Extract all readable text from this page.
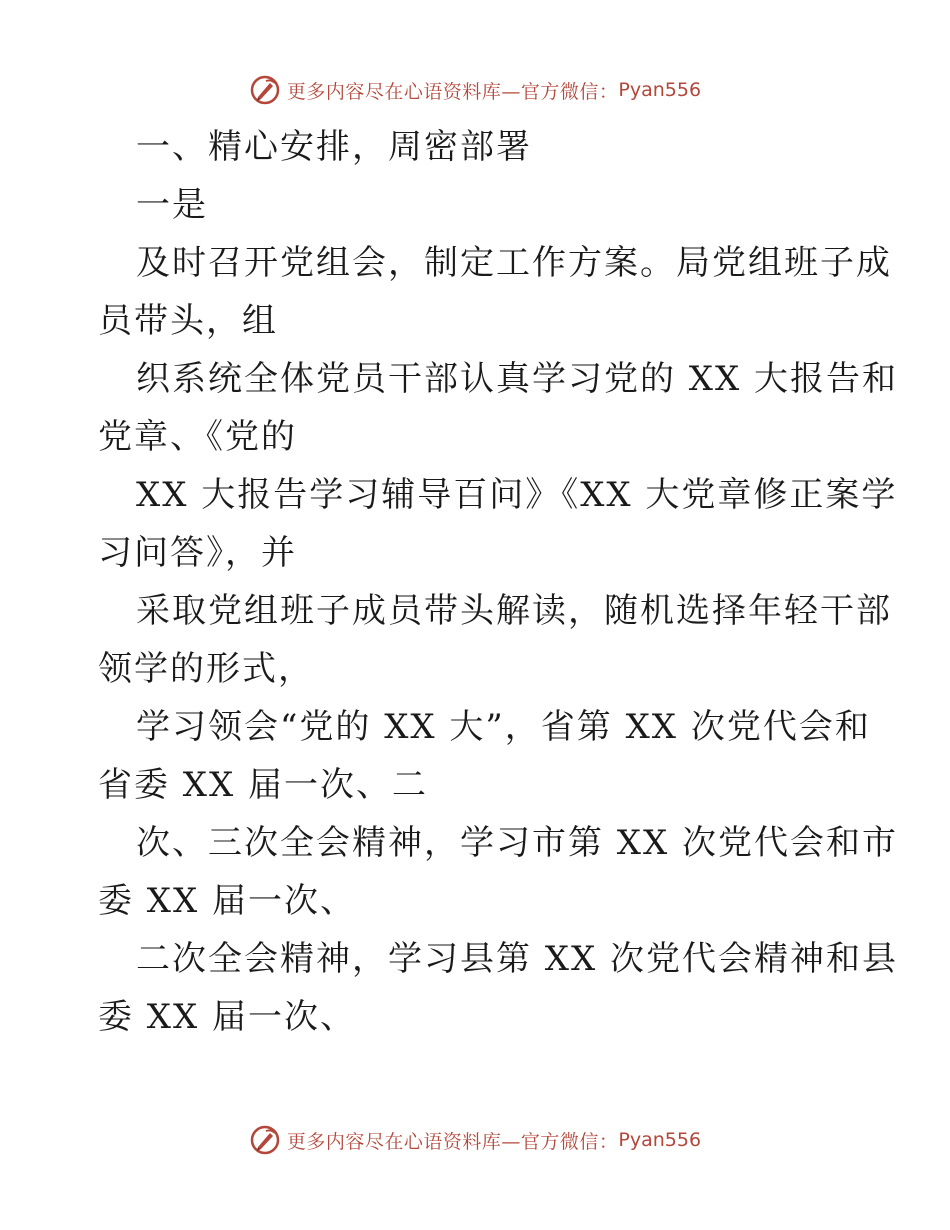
更多内容尽在心语资料库—官方微信： Pyan556
一、精心安排，周密部署
一是
及时召开党组会，制定工作方案。局党组班子成
员带头，组
织系统全体党员干部认真学习党的 XX 大报告和
党章、《党的
XX 大报告学习辅导百问》《XX 大党章修正案学
习问答》，并
采取党组班子成员带头解读，随机选择年轻干部
领学的形式，
学习领会“党的 XX 大”，省第 XX 次党代会和
省委 XX 届一次、二
次、三次全会精神，学习市第 XX 次党代会和市
委 XX 届一次、
二次全会精神，学习县第 XX 次党代会精神和县
委 XX 届一次、
更多内容尽在心语资料库—官方微信： Pyan556
